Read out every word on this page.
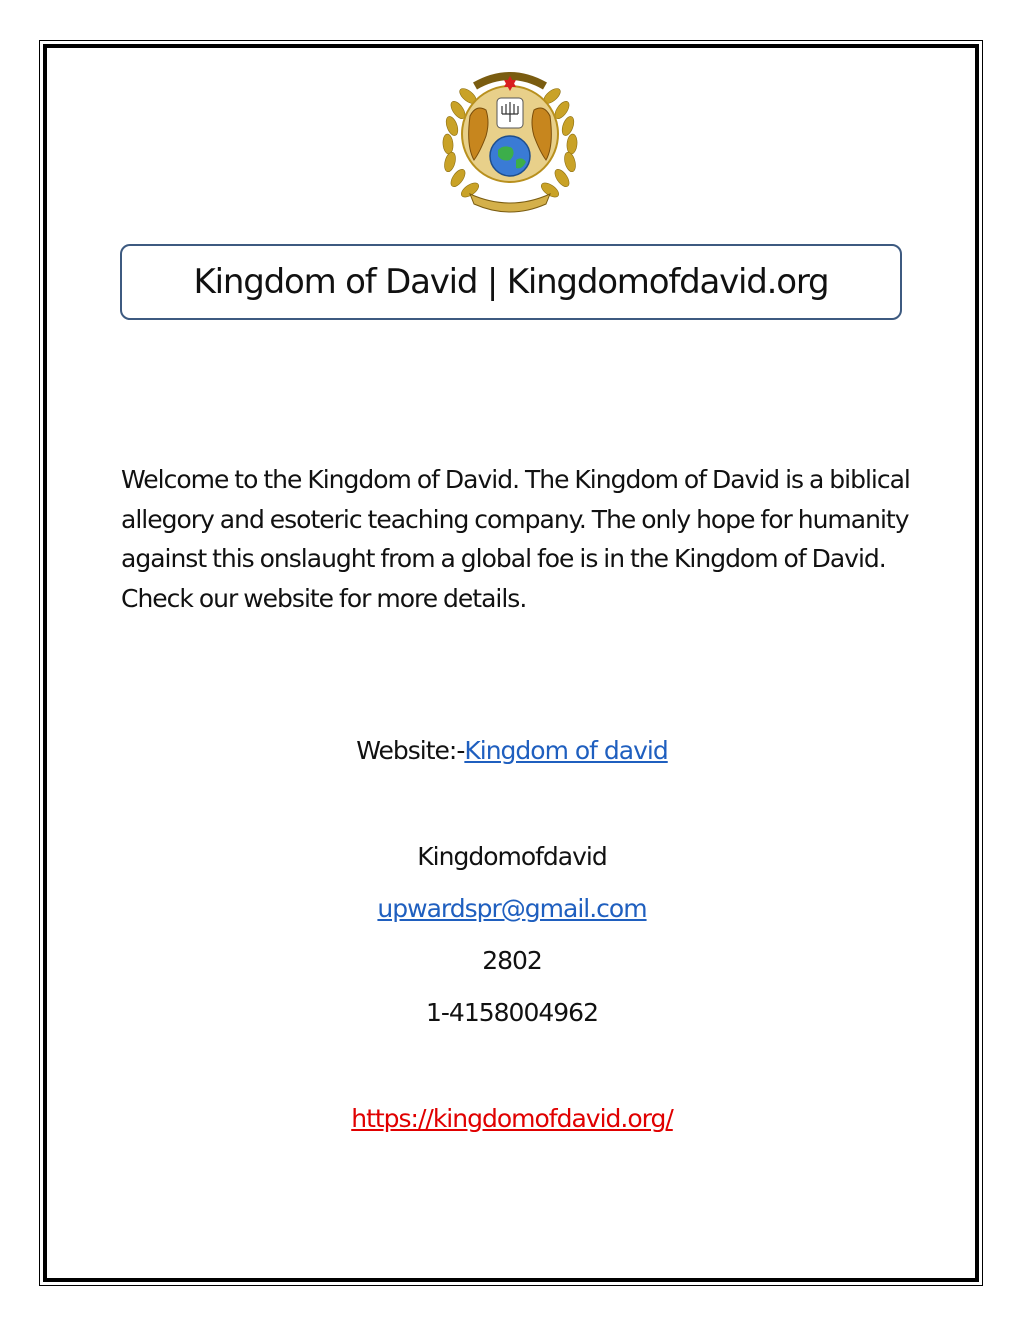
Kingdom of David | Kingdomofdavid.org

Welcome to the Kingdom of David. The Kingdom of David is a biblical allegory and esoteric teaching company. The only hope for humanity against this onslaught from a global foe is in the Kingdom of David. Check our website for more details.

Website:-Kingdom of david
Kingdomofdavid
upwardspr@gmail.com
2802
1-4158004962
https://kingdomofdavid.org/
